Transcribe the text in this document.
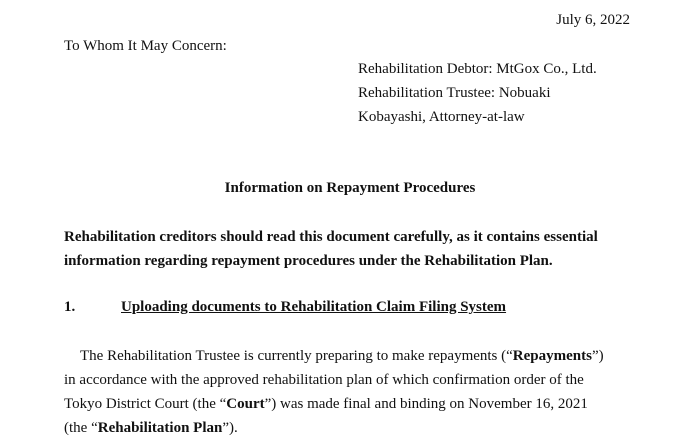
July 6, 2022
To Whom It May Concern:
Rehabilitation Debtor: MtGox Co., Ltd.
Rehabilitation Trustee: Nobuaki
Kobayashi, Attorney-at-law
Information on Repayment Procedures
Rehabilitation creditors should read this document carefully, as it contains essential
information regarding repayment procedures under the Rehabilitation Plan.
1.	Uploading documents to Rehabilitation Claim Filing System
The Rehabilitation Trustee is currently preparing to make repayments (“Repayments”)
in accordance with the approved rehabilitation plan of which confirmation order of the
Tokyo District Court (the “Court”) was made final and binding on November 16, 2021
(the “Rehabilitation Plan”).
